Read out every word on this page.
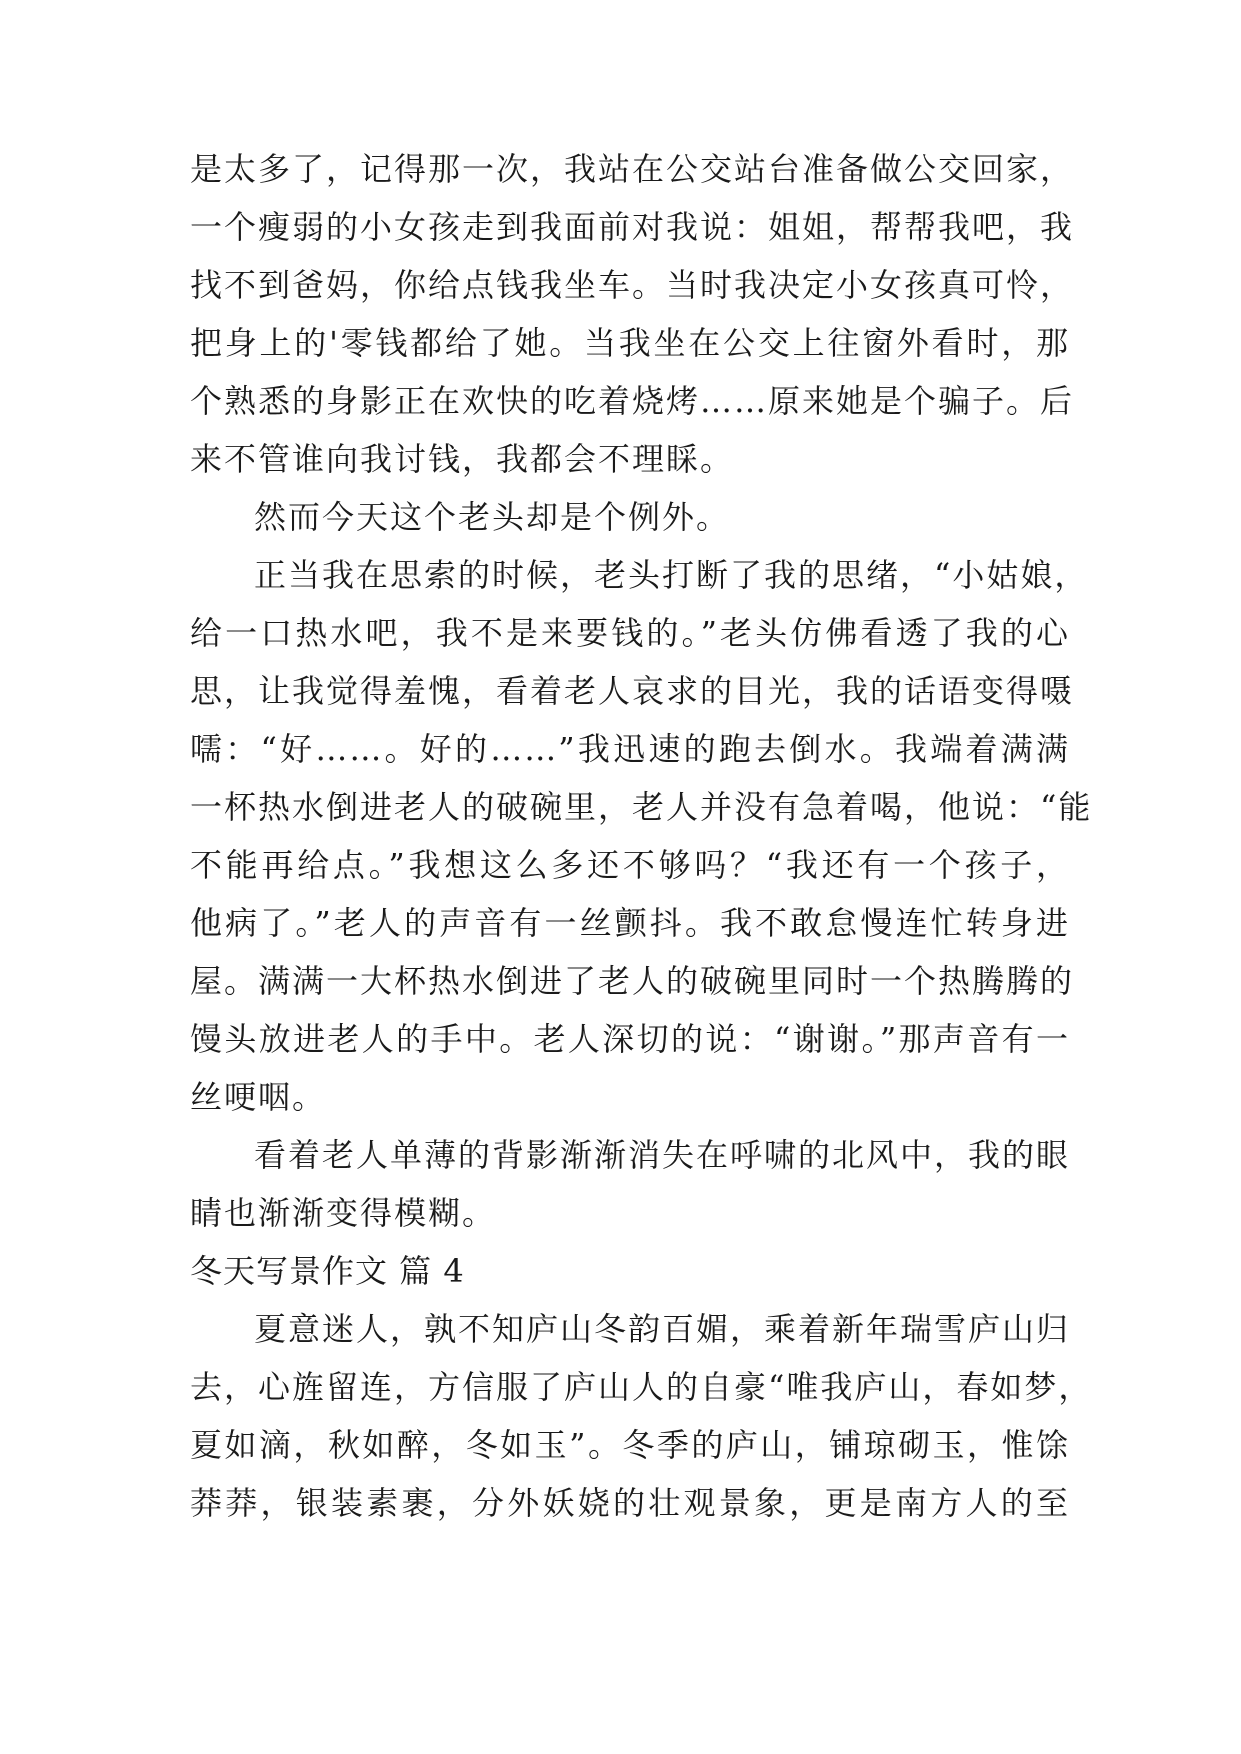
是太多了，记得那一次，我站在公交站台准备做公交回家，
一个瘦弱的小女孩走到我面前对我说：姐姐，帮帮我吧，我
找不到爸妈，你给点钱我坐车。当时我决定小女孩真可怜，
把身上的'零钱都给了她。当我坐在公交上往窗外看时，那
个熟悉的身影正在欢快的吃着烧烤……原来她是个骗子。后
来不管谁向我讨钱，我都会不理睬。
然而今天这个老头却是个例外。
正当我在思索的时候，老头打断了我的思绪，“小姑娘，
给一口热水吧，我不是来要钱的。”老头仿佛看透了我的心
思，让我觉得羞愧，看着老人哀求的目光，我的话语变得嗫
嚅：“好……。好的……”我迅速的跑去倒水。我端着满满
一杯热水倒进老人的破碗里，老人并没有急着喝，他说：“能
不能再给点。”我想这么多还不够吗？“我还有一个孩子，
他病了。”老人的声音有一丝颤抖。我不敢怠慢连忙转身进
屋。满满一大杯热水倒进了老人的破碗里同时一个热腾腾的
馒头放进老人的手中。老人深切的说：“谢谢。”那声音有一
丝哽咽。
看着老人单薄的背影渐渐消失在呼啸的北风中，我的眼
睛也渐渐变得模糊。
冬天写景作文 篇 4
夏意迷人，孰不知庐山冬韵百媚，乘着新年瑞雪庐山归
去，心旌留连，方信服了庐山人的自豪“唯我庐山，春如梦，
夏如滴，秋如醉，冬如玉”。冬季的庐山，铺琼砌玉，惟馀
莽莽，银装素裹，分外妖娆的壮观景象，更是南方人的至
